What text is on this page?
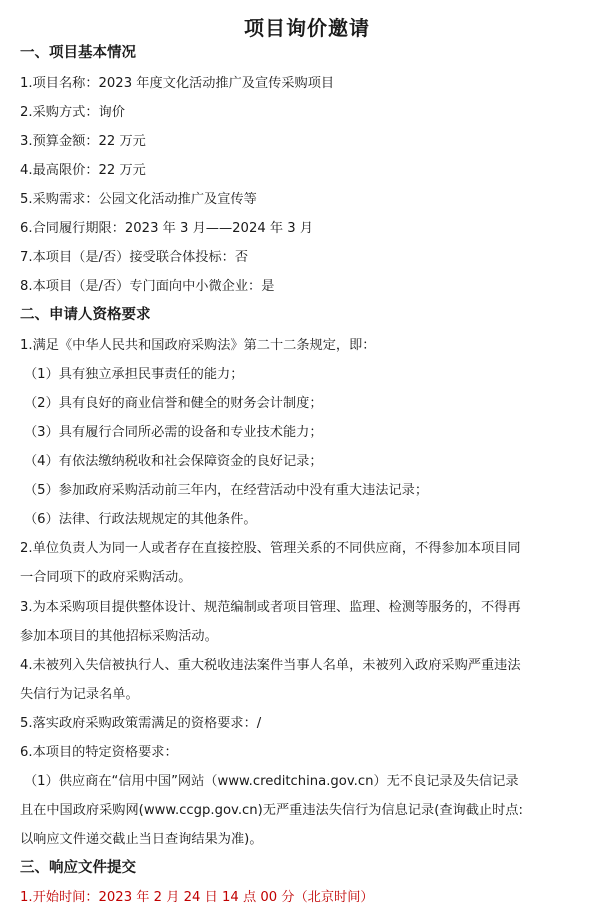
项目询价邀请
一、项目基本情况
1.项目名称：2023 年度文化活动推广及宣传采购项目
2.采购方式：询价
3.预算金额：22 万元
4.最高限价：22 万元
5.采购需求：公园文化活动推广及宣传等
6.合同履行期限：2023 年 3 月——2024 年 3 月
7.本项目（是/否）接受联合体投标：否
8.本项目（是/否）专门面向中小微企业：是
二、申请人资格要求
1.满足《中华人民共和国政府采购法》第二十二条规定，即：
（1）具有独立承担民事责任的能力；
（2）具有良好的商业信誉和健全的财务会计制度；
（3）具有履行合同所必需的设备和专业技术能力；
（4）有依法缴纳税收和社会保障资金的良好记录；
（5）参加政府采购活动前三年内，在经营活动中没有重大违法记录；
（6）法律、行政法规规定的其他条件。
2.单位负责人为同一人或者存在直接控股、管理关系的不同供应商，不得参加本项目同
一合同项下的政府采购活动。
3.为本采购项目提供整体设计、规范编制或者项目管理、监理、检测等服务的，不得再
参加本项目的其他招标采购活动。
4.未被列入失信被执行人、重大税收违法案件当事人名单，未被列入政府采购严重违法
失信行为记录名单。
5.落实政府采购政策需满足的资格要求：/
6.本项目的特定资格要求：
（1）供应商在“信用中国”网站（www.creditchina.gov.cn）无不良记录及失信记录
且在中国政府采购网(www.ccgp.gov.cn)无严重违法失信行为信息记录(查询截止时点:
以响应文件递交截止当日查询结果为准)。
三、响应文件提交
1.开始时间：2023 年 2 月 24 日 14 点 00 分（北京时间）
